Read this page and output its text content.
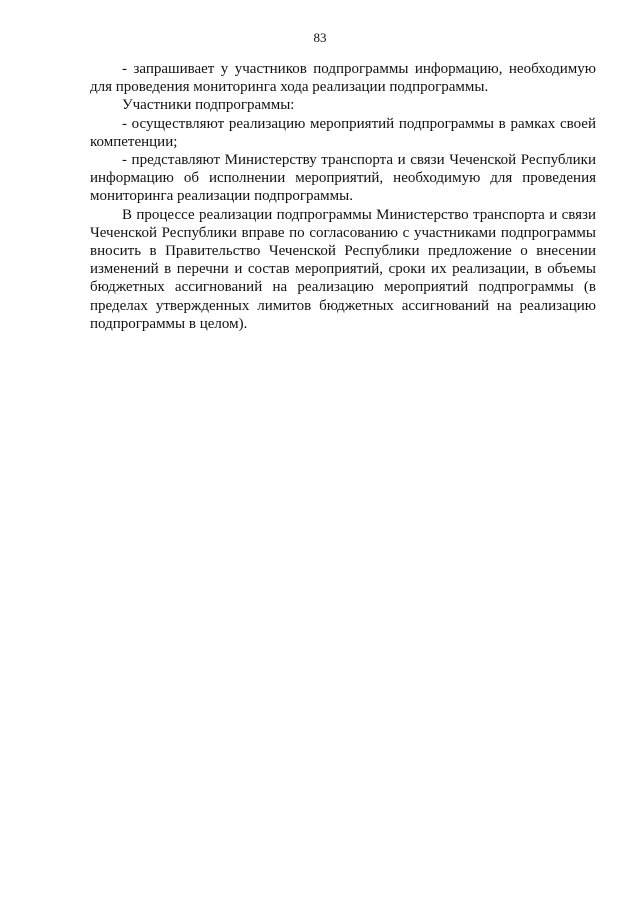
83

- запрашивает у участников подпрограммы информацию, необходимую для проведения мониторинга хода реализации подпрограммы.

Участники подпрограммы:

- осуществляют реализацию мероприятий подпрограммы в рамках своей компетенции;

- представляют Министерству транспорта и связи Чеченской Республики информацию об исполнении мероприятий, необходимую для проведения мониторинга реализации подпрограммы.

В процессе реализации подпрограммы Министерство транспорта и связи Чеченской Республики вправе по согласованию с участниками подпрограммы вносить в Правительство Чеченской Республики предложение о внесении изменений в перечни и состав мероприятий, сроки их реализации, в объемы бюджетных ассигнований на реализацию мероприятий подпрограммы (в пределах утвержденных лимитов бюджетных ассигнований на реализацию подпрограммы в целом).
